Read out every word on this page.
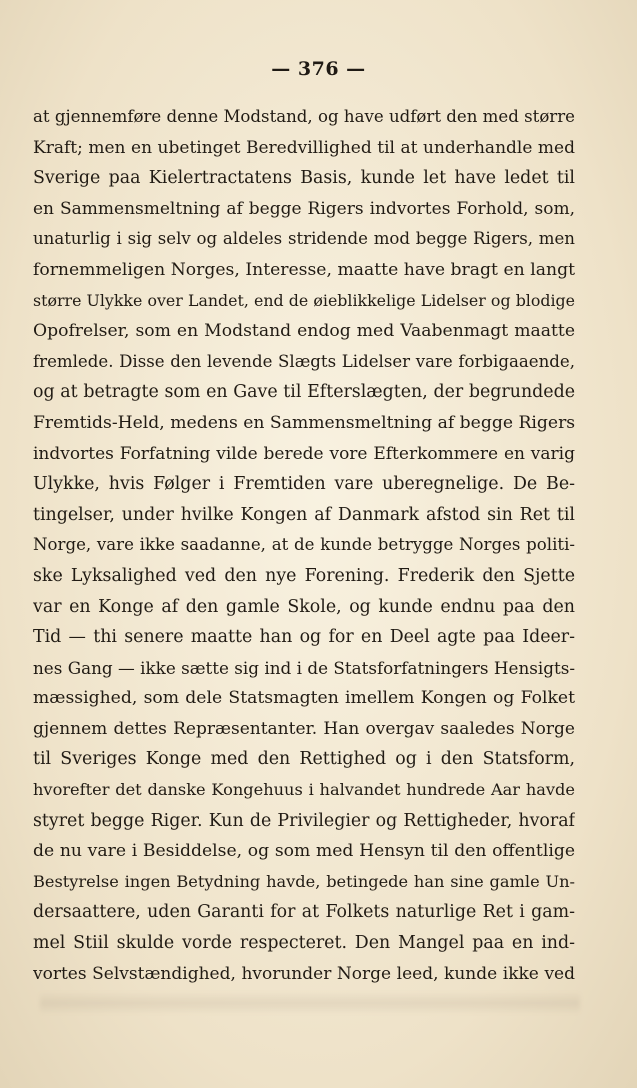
— 376 —
at gjennemføre denne Modstand, og have udført den med større
Kraft; men en ubetinget Beredvillighed til at underhandle med
Sverige paa Kielertractatens Basis, kunde let have ledet til
en Sammensmeltning af begge Rigers indvortes Forhold, som,
unaturlig i sig selv og aldeles stridende mod begge Rigers, men
fornemmeligen Norges, Interesse, maatte have bragt en langt
større Ulykke over Landet, end de øieblikkelige Lidelser og blodige
Opofrelser, som en Modstand endog med Vaabenmagt maatte
fremlede. Disse den levende Slægts Lidelser vare forbigaaende,
og at betragte som en Gave til Efterslægten, der begrundede
Fremtids-Held, medens en Sammensmeltning af begge Rigers
indvortes Forfatning vilde berede vore Efterkommere en varig
Ulykke, hvis Følger i Fremtiden vare uberegnelige. De Be-
tingelser, under hvilke Kongen af Danmark afstod sin Ret til
Norge, vare ikke saadanne, at de kunde betrygge Norges politi-
ske Lyksalighed ved den nye Forening. Frederik den Sjette
var en Konge af den gamle Skole, og kunde endnu paa den
Tid — thi senere maatte han og for en Deel agte paa Ideer-
nes Gang — ikke sætte sig ind i de Statsforfatningers Hensigts-
mæssighed, som dele Statsmagten imellem Kongen og Folket
gjennem dettes Repræsentanter. Han overgav saaledes Norge
til Sveriges Konge med den Rettighed og i den Statsform,
hvorefter det danske Kongehuus i halvandet hundrede Aar havde
styret begge Riger. Kun de Privilegier og Rettigheder, hvoraf
de nu vare i Besiddelse, og som med Hensyn til den offentlige
Bestyrelse ingen Betydning havde, betingede han sine gamle Un-
dersaattere, uden Garanti for at Folkets naturlige Ret i gam-
mel Stiil skulde vorde respecteret. Den Mangel paa en ind-
vortes Selvstændighed, hvorunder Norge leed, kunde ikke ved
